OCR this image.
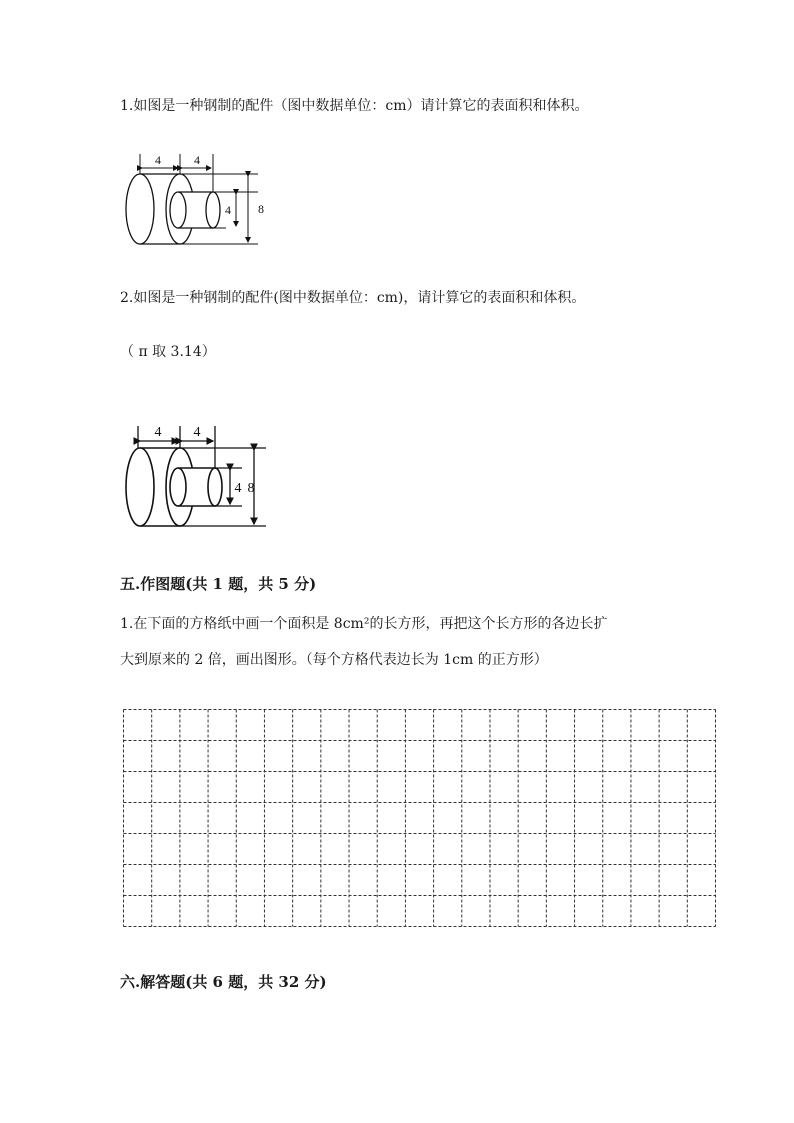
1.如图是一种钢制的配件（图中数据单位：cm）请计算它的表面积和体积。
4	4
4 8
2.如图是一种钢制的配件(图中数据单位：cm)，请计算它的表面积和体积。
（ π 取 3.14）
4 4
4 8
五.作图题(共 1 题，共 5 分)
1.在下面的方格纸中画一个面积是 8cm²的长方形，再把这个长方形的各边长扩
大到原来的 2 倍，画出图形。（每个方格代表边长为 1cm 的正方形）
六.解答题(共 6 题，共 32 分)
